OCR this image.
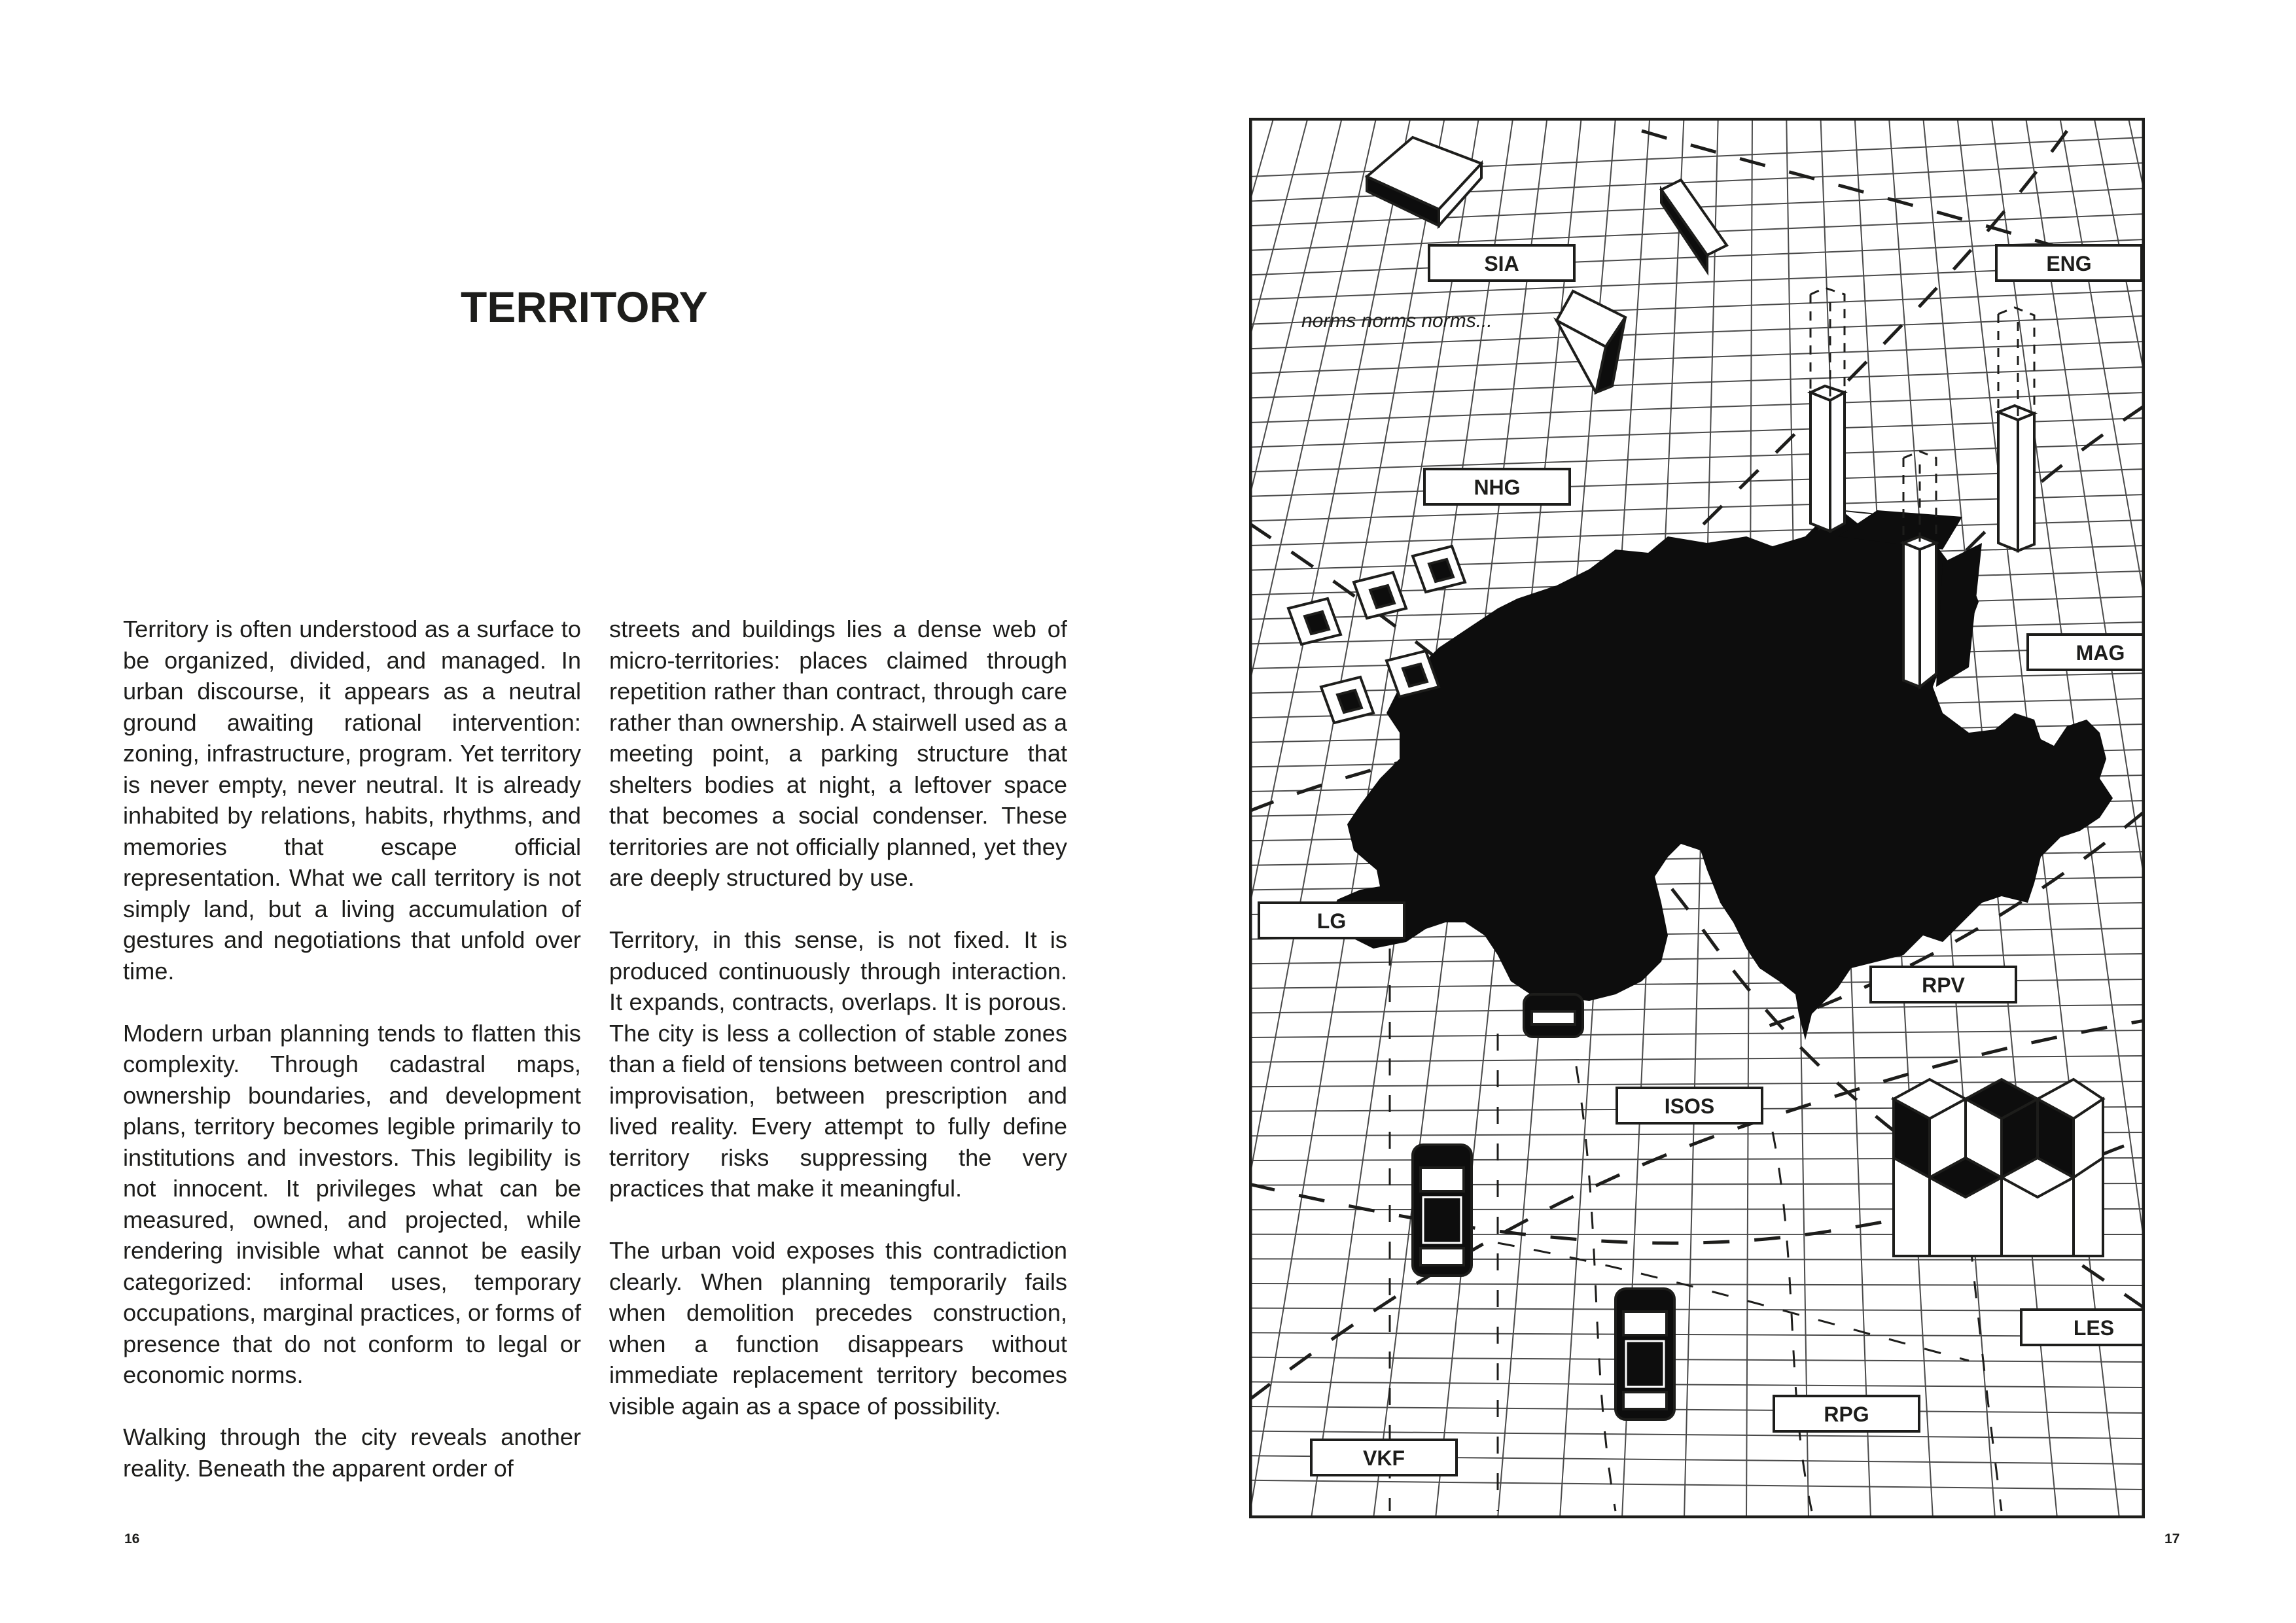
TERRITORY

Territory is often understood as a surface to be organized, divided, and managed. In urban discourse, it appears as a neutral ground awaiting rational intervention: zoning, infrastructure, program. Yet territory is never empty, never neutral. It is already inhabited by relations, habits, rhythms, and memories that escape official representation. What we call territory is not simply land, but a living accumulation of gestures and negotiations that unfold over time.

Modern urban planning tends to flatten this complexity. Through cadastral maps, ownership boundaries, and development plans, territory becomes legible primarily to institutions and investors. This legibility is not innocent. It privileges what can be measured, owned, and projected, while rendering invisible what cannot be easily categorized: informal uses, temporary occupations, marginal practices, or forms of presence that do not conform to legal or economic norms.

Walking through the city reveals another reality. Beneath the apparent order of

streets and buildings lies a dense web of micro-territories: places claimed through repetition rather than contract, through care rather than ownership. A stairwell used as a meeting point, a parking structure that shelters bodies at night, a leftover space that becomes a social condenser. These territories are not officially planned, yet they are deeply structured by use.

Territory, in this sense, is not fixed. It is produced continuously through interaction. It expands, contracts, overlaps. It is porous. The city is less a collection of stable zones than a field of tensions between control and improvisation, between prescription and lived reality. Every attempt to fully define territory risks suppressing the very practices that make it meaningful.

The urban void exposes this contradiction clearly. When planning temporarily fails when demolition precedes construction, when a function disappears without immediate replacement territory becomes visible again as a space of possibility.

16
SIA	ENG
NHG
MAG
LG
RPV
ISOS
LES
RPG
VKF
norms norms norms...
17
